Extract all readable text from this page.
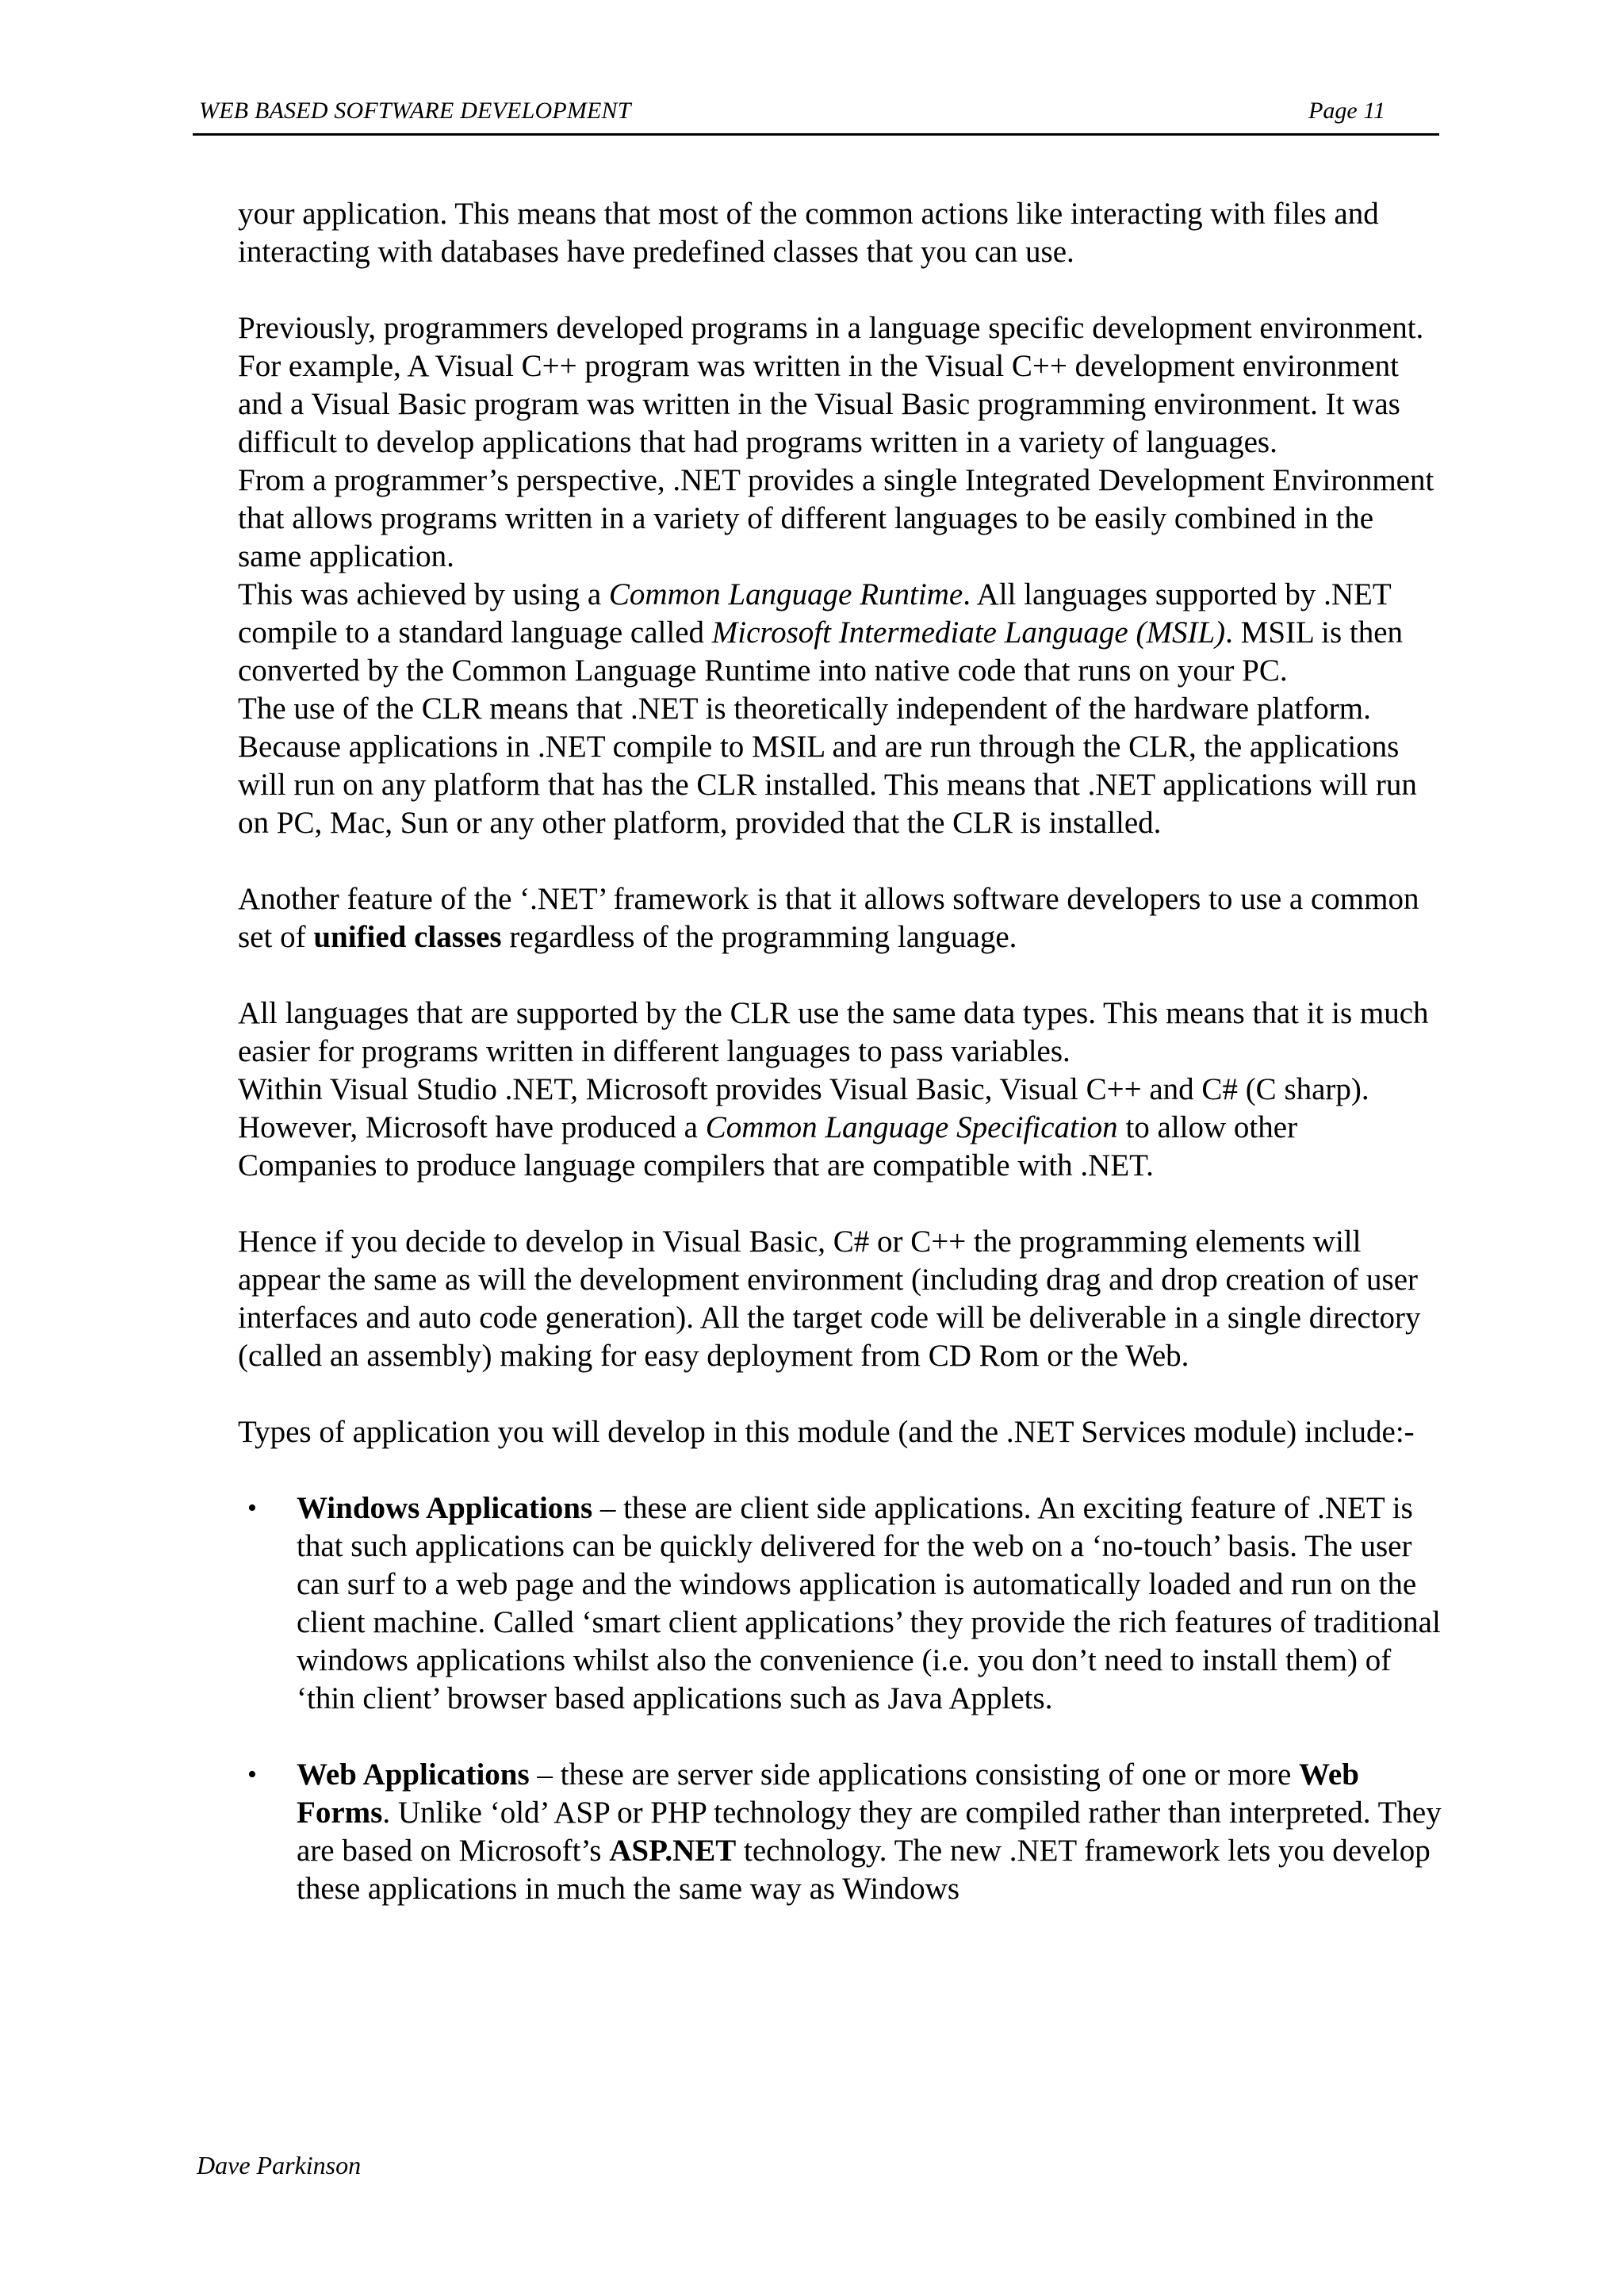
WEB BASED SOFTWARE DEVELOPMENT	Page 11

your application. This means that most of the common actions like interacting with files and interacting with databases have predefined classes that you can use.

Previously, programmers developed programs in a language specific development environment. For example, A Visual C++ program was written in the Visual C++ development environment and a Visual Basic program was written in the Visual Basic programming environment. It was difficult to develop applications that had programs written in a variety of languages.

From a programmer’s perspective, .NET provides a single Integrated Development Environment that allows programs written in a variety of different languages to be easily combined in the same application.

This was achieved by using a Common Language Runtime. All languages supported by .NET compile to a standard language called Microsoft Intermediate Language (MSIL). MSIL is then converted by the Common Language Runtime into native code that runs on your PC.

The use of the CLR means that .NET is theoretically independent of the hardware platform. Because applications in .NET compile to MSIL and are run through the CLR, the applications will run on any platform that has the CLR installed. This means that .NET applications will run on PC, Mac, Sun or any other platform, provided that the CLR is installed.

Another feature of the ‘.NET’ framework is that it allows software developers to use a common set of unified classes regardless of the programming language.

All languages that are supported by the CLR use the same data types. This means that it is much easier for programs written in different languages to pass variables.

Within Visual Studio .NET, Microsoft provides Visual Basic, Visual C++ and C# (C sharp). However, Microsoft have produced a Common Language Specification to allow other Companies to produce language compilers that are compatible with .NET.

Hence if you decide to develop in Visual Basic, C# or C++ the programming elements will appear the same as will the development environment (including drag and drop creation of user interfaces and auto code generation). All the target code will be deliverable in a single directory (called an assembly) making for easy deployment from CD Rom or the Web.

Types of application you will develop in this module (and the .NET Services module) include:-

• Windows Applications – these are client side applications. An exciting feature of .NET is that such applications can be quickly delivered for the web on a ‘no-touch’ basis. The user can surf to a web page and the windows application is automatically loaded and run on the client machine. Called ‘smart client applications’ they provide the rich features of traditional windows applications whilst also the convenience (i.e. you don’t need to install them) of ‘thin client’ browser based applications such as Java Applets.
• Web Applications – these are server side applications consisting of one or more Web Forms. Unlike ‘old’ ASP or PHP technology they are compiled rather than interpreted. They are based on Microsoft’s ASP.NET technology. The new .NET framework lets you develop these applications in much the same way as Windows
Dave Parkinson
